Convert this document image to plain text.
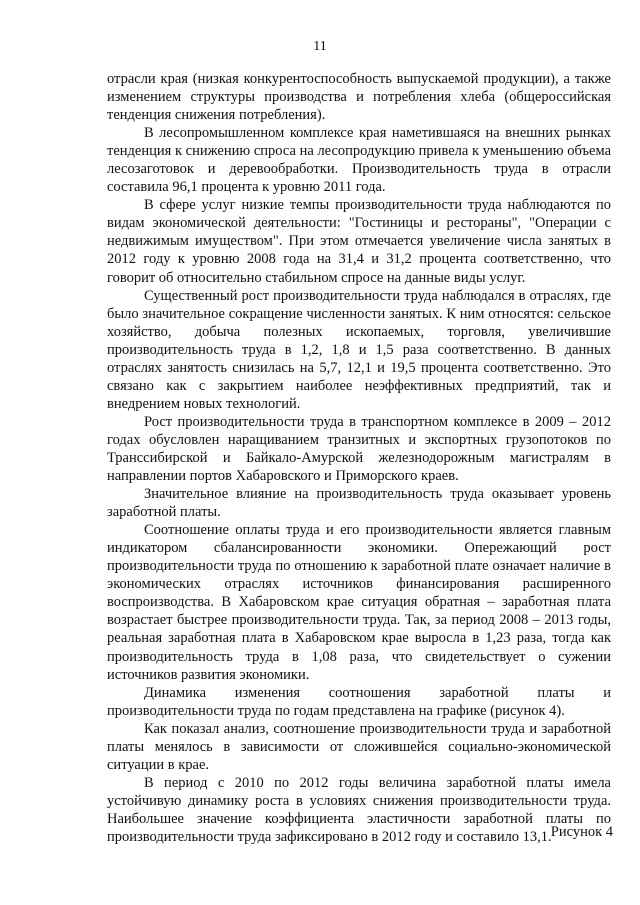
11

отрасли края (низкая конкурентоспособность выпускаемой продукции), а также изменением структуры производства и потребления хлеба (общероссийская тенденция снижения потребления).

В лесопромышленном комплексе края наметившаяся на внешних рынках тенденция к снижению спроса на лесопродукцию привела к уменьшению объема лесозаготовок и деревообработки. Производительность труда в отрасли составила 96,1 процента к уровню 2011 года.

В сфере услуг низкие темпы производительности труда наблюдаются по видам экономической деятельности: "Гостиницы и рестораны", "Операции с недвижимым имуществом". При этом отмечается увеличение числа занятых в 2012 году к уровню 2008 года на 31,4 и 31,2 процента соответственно, что говорит об относительно стабильном спросе на данные виды услуг.

Существенный рост производительности труда наблюдался в отраслях, где было значительное сокращение численности занятых. К ним относятся: сельское хозяйство, добыча полезных ископаемых, торговля, увеличившие производительность труда в 1,2, 1,8 и 1,5 раза соответственно. В данных отраслях занятость снизилась на 5,7, 12,1 и 19,5 процента соответственно. Это связано как с закрытием наиболее неэффективных предприятий, так и внедрением новых технологий.

Рост производительности труда в транспортном комплексе в 2009 – 2012 годах обусловлен наращиванием транзитных и экспортных грузопотоков по Транссибирской и Байкало-Амурской железнодорожным магистралям в направлении портов Хабаровского и Приморского краев.

Значительное влияние на производительность труда оказывает уровень заработной платы.

Соотношение оплаты труда и его производительности является главным индикатором сбалансированности экономики. Опережающий рост производительности труда по отношению к заработной плате означает наличие в экономических отраслях источников финансирования расширенного воспроизводства. В Хабаровском крае ситуация обратная – заработная плата возрастает быстрее производительности труда. Так, за период 2008 – 2013 годы, реальная заработная плата в Хабаровском крае выросла в 1,23 раза, тогда как производительность труда в 1,08 раза, что свидетельствует о сужении источников развития экономики.

Динамика изменения соотношения заработной платы и производительности труда по годам представлена на графике (рисунок 4).

Как показал анализ, соотношение производительности труда и заработной платы менялось в зависимости от сложившейся социально-экономической ситуации в крае.

В период с 2010 по 2012 годы величина заработной платы имела устойчивую динамику роста в условиях снижения производительности труда. Наибольшее значение коэффициента эластичности заработной платы по производительности труда зафиксировано в 2012 году и составило 13,1. Рисунок 4
